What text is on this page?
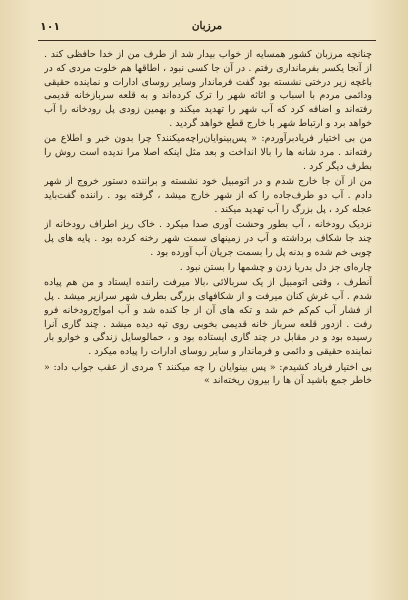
۱۰۱	مرزبان

چنانچه مرزبان کشور همسایه از خواب بیدار شد از طرف من از خدا حافظی کند . از آنجا یکسر بفرمانداری رفتم . در آن جا کسی نبود ، اطاقها هم خلوت مردی که در باغچه زیر درختی نشسته بود گفت فرماندار وسایر روسای ادارات و نماینده حقیقی ودائمی مردم با اسباب و اثاثه شهر را ترک کرده‌اند و به قلعه سربازخانه قدیمی رفته‌اند و اضافه کرد که آب شهر را تهدید میکند و بهمین زودی پل رودخانه را آب خواهد برد و ارتباط شهر با خارج قطع خواهد گردید .

من بی اختیار فریادبرآوردم: « پس‌بینوایان‌راچه‌میکنند؟ چرا بدون خبر و اطلاع من رفته‌اند . مرد شانه ها را بالا انداخت و بعد مثل اینکه اصلا مرا ندیده است روش را بطرف دیگر کرد .

من از آن جا خارج شدم و در اتومبیل خود نشسته و براننده دستور خروج از شهر دادم . آب دو طرف‌جاده را که از شهر خارج میشد ، گرفته بود . راننده گفت‌باید عجله کرد ، پل بزرگ را آب تهدید میکند .

نزدیک رودخانه ، آب بطور وحشت آوری صدا میکرد . خاک ریز اطراف رودخانه از چند جا شکاف برداشته و آب در زمینهای سمت شهر رخنه کرده بود . پایه های پل چوبی خم شده و بدنه پل را بسمت جریان آب آورده بود .

چاره‌ای جز دل بدریا زدن و چشمها را بستن نبود .

آنطرف ، وقتی اتومبیل از یک سربالائی ،بالا میرفت راننده ایستاد و من هم پیاده شدم . آب غرش کنان میرفت و از شکافهای بزرگی بطرف شهر سرازیر میشد . پل از فشار آب کم‌کم خم شد و تکه های آن از جا کنده شد و آب امواج‌رودخانه فرو رفت . ازدور قلعه سرباز خانه قدیمی بخوبی روی تپه دیده میشد . چند گاری آنرا رسیده بود و در مقابل در چند گاری ایستاده بود و ، حمالوسایل زندگی و خوارو بار نماینده حقیقی و دائمی و فرماندار و سایر روسای ادارات را پیاده میکرد .

بی اختیار فریاد کشیدم: « پس بینوایان را چه میکنند ؟ مردی از عقب جواب داد: « خاطر جمع باشید آن ها را بیرون ریخته‌اند »
